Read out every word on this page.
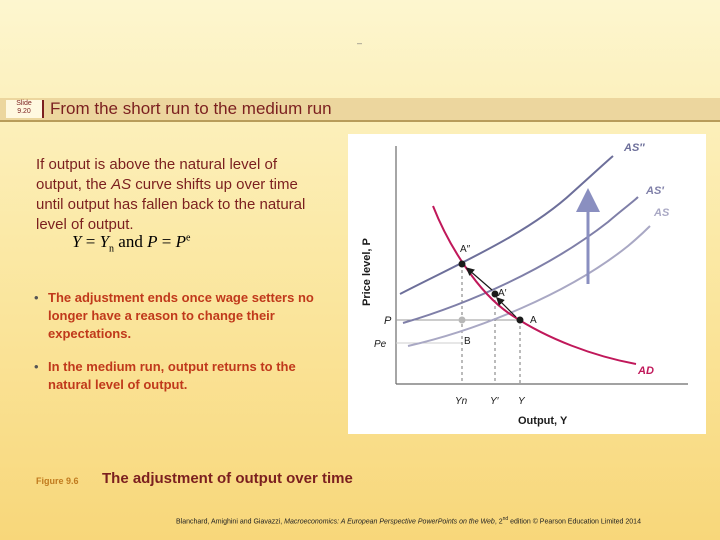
–
Slide
9.20	From the short run to the medium run
If output is above the natural level of output, the AS curve shifts up over time until output has fallen back to the natural level of output.
$Y = Y_n$ and $P = P^e$
• The adjustment ends once wage setters no longer have a reason to change their expectations.
• In the medium run, output returns to the natural level of output.
A″
A′
A
B
AS″
AS′
AS
AD
P
Pe
Yn Y′ Y
Output, Y
Price level, P
Figure 9.6 The adjustment of output over time
Blanchard, Amighini and Giavazzi, Macroeconomics: A European Perspective PowerPoints on the Web, 2nd edition © Pearson Education Limited 2014
